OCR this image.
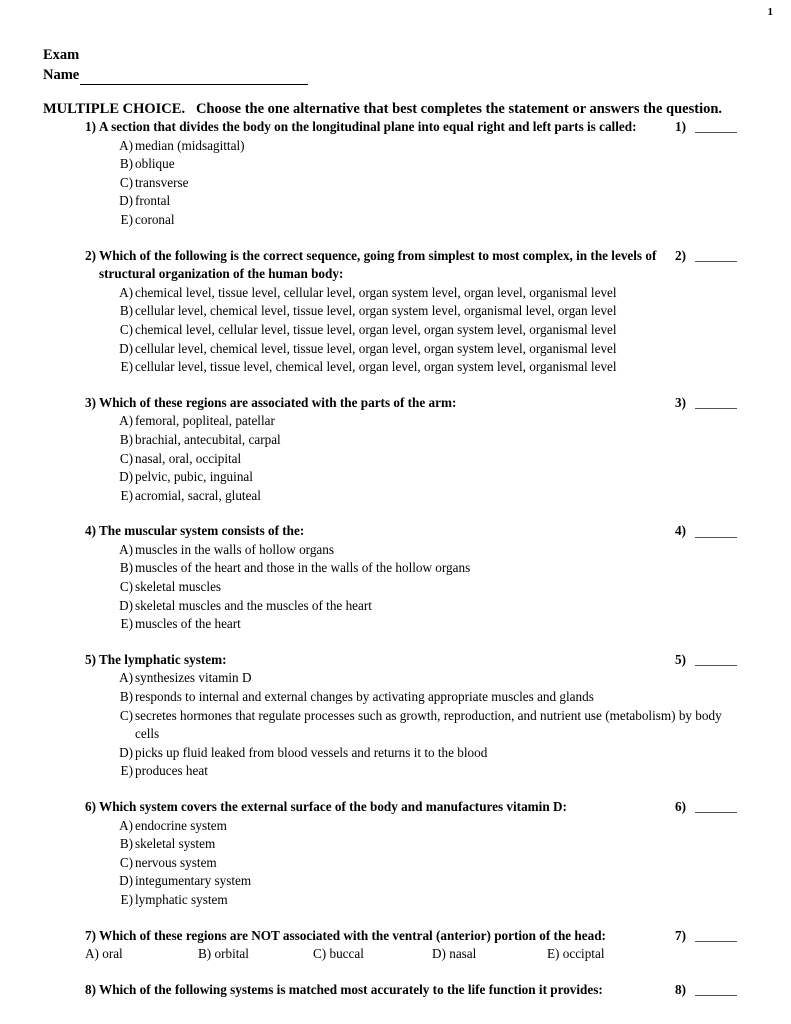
1
Exam
Name
MULTIPLE CHOICE. Choose the one alternative that best completes the statement or answers the question.
1) A section that divides the body on the longitudinal plane into equal right and left parts is called:
A) median (midsagittal)
B) oblique
C) transverse
D) frontal
E) coronal
1)
2) Which of the following is the correct sequence, going from simplest to most complex, in the levels of structural organization of the human body:
A) chemical level, tissue level, cellular level, organ system level, organ level, organismal level
B) cellular level, chemical level, tissue level, organ system level, organismal level, organ level
C) chemical level, cellular level, tissue level, organ level, organ system level, organismal level
D) cellular level, chemical level, tissue level, organ level, organ system level, organismal level
E) cellular level, tissue level, chemical level, organ level, organ system level, organismal level
2)
3) Which of these regions are associated with the parts of the arm:
A) femoral, popliteal, patellar
B) brachial, antecubital, carpal
C) nasal, oral, occipital
D) pelvic, pubic, inguinal
E) acromial, sacral, gluteal
3)
4) The muscular system consists of the:
A) muscles in the walls of hollow organs
B) muscles of the heart and those in the walls of the hollow organs
C) skeletal muscles
D) skeletal muscles and the muscles of the heart
E) muscles of the heart
4)
5) The lymphatic system:
A) synthesizes vitamin D
B) responds to internal and external changes by activating appropriate muscles and glands
C) secretes hormones that regulate processes such as growth, reproduction, and nutrient use (metabolism) by body cells
D) picks up fluid leaked from blood vessels and returns it to the blood
E) produces heat
5)
6) Which system covers the external surface of the body and manufactures vitamin D:
A) endocrine system
B) skeletal system
C) nervous system
D) integumentary system
E) lymphatic system
6)
7) Which of these regions are NOT associated with the ventral (anterior) portion of the head:
A) oral	B) orbital	C) buccal	D) nasal	E) occiptal
7)
8) Which of the following systems is matched most accurately to the life function it provides:	8)
